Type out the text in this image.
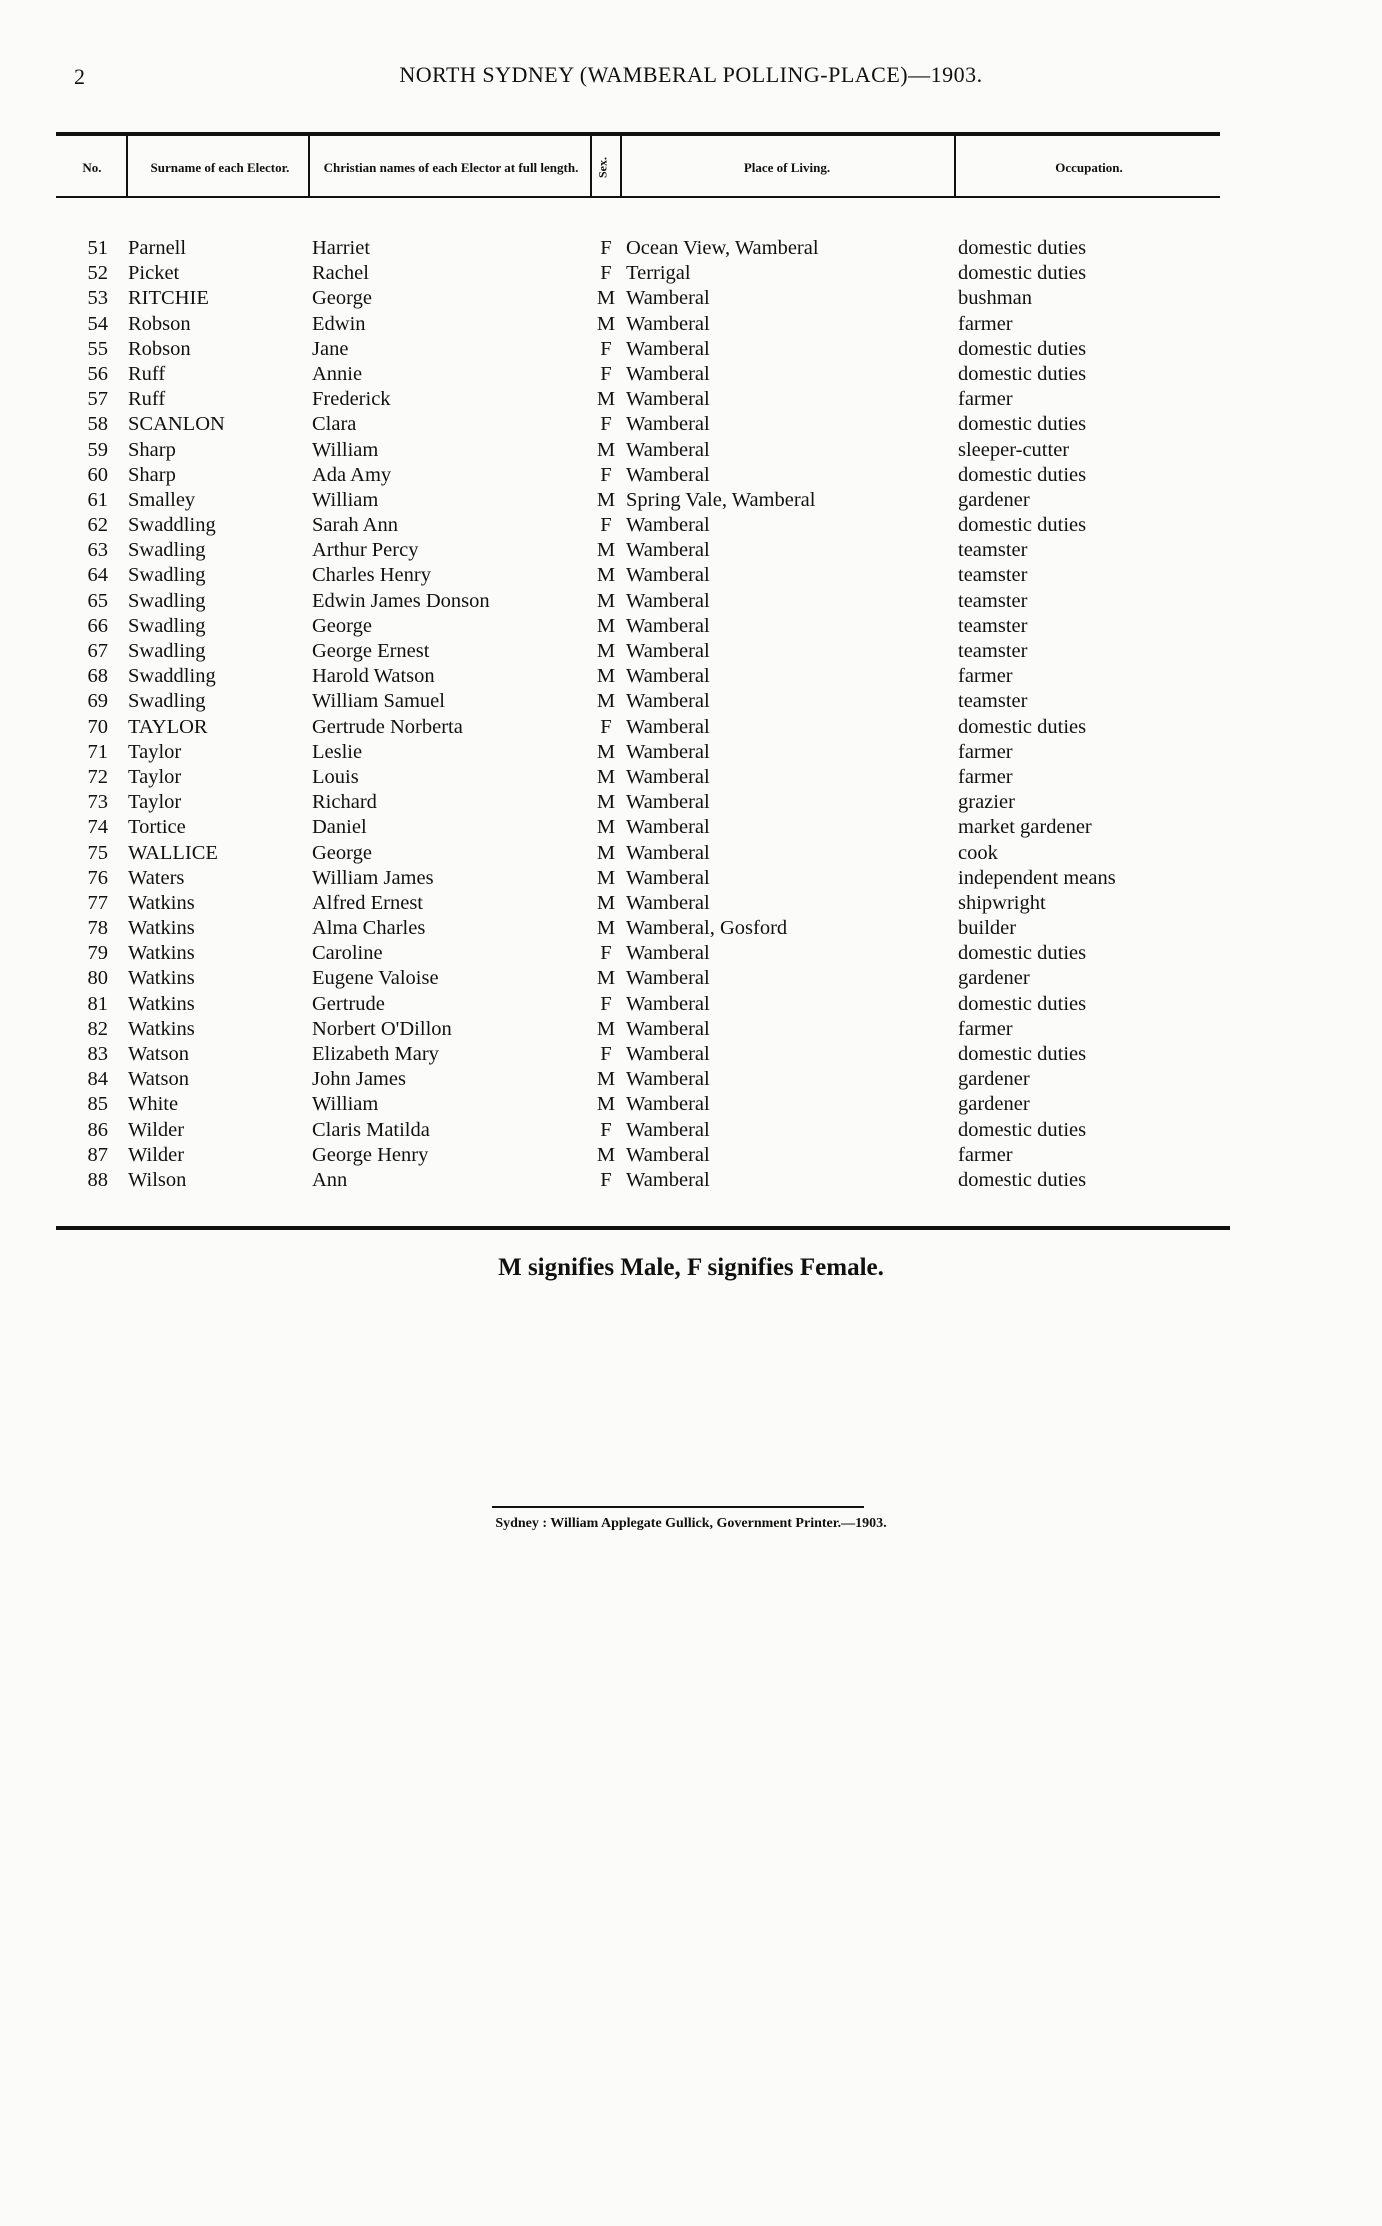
2	NORTH SYDNEY (WAMBERAL POLLING-PLACE)—1903.
No.	Surname of each Elector.	Christian names of each Elector at full length.	Sex.	Place of Living.	Occupation.
51 Parnell	Harriet	F Ocean View, Wamberal	domestic duties
52 Picket	Rachel	F Terrigal	domestic duties
53 RITCHIE	George	M Wamberal	bushman
54 Robson	Edwin	M Wamberal	farmer
55 Robson	Jane	F Wamberal	domestic duties
56 Ruff	Annie	F Wamberal	domestic duties
57 Ruff	Frederick	M Wamberal	farmer
58 SCANLON	Clara	F Wamberal	domestic duties
59 Sharp	William	M Wamberal	sleeper-cutter
60 Sharp	Ada Amy	F Wamberal	domestic duties
61 Smalley	William	M Spring Vale, Wamberal	gardener
62 Swaddling	Sarah Ann	F Wamberal	domestic duties
63 Swadling	Arthur Percy	M Wamberal	teamster
64 Swadling	Charles Henry	M Wamberal	teamster
65 Swadling	Edwin James Donson	M Wamberal	teamster
66 Swadling	George	M Wamberal	teamster
67 Swadling	George Ernest	M Wamberal	teamster
68 Swaddling	Harold Watson	M Wamberal	farmer
69 Swadling	William Samuel	M Wamberal	teamster
70 TAYLOR	Gertrude Norberta	F Wamberal	domestic duties
71 Taylor	Leslie	M Wamberal	farmer
72 Taylor	Louis	M Wamberal	farmer
73 Taylor	Richard	M Wamberal	grazier
74 Tortice	Daniel	M Wamberal	market gardener
75 WALLICE	George	M Wamberal	cook
76 Waters	William James	M Wamberal	independent means
77 Watkins	Alfred Ernest	M Wamberal	shipwright
78 Watkins	Alma Charles	M Wamberal, Gosford	builder
79 Watkins	Caroline	F Wamberal	domestic duties
80 Watkins	Eugene Valoise	M Wamberal	gardener
81 Watkins	Gertrude	F Wamberal	domestic duties
82 Watkins	Norbert O'Dillon	M Wamberal	farmer
83 Watson	Elizabeth Mary	F Wamberal	domestic duties
84 Watson	John James	M Wamberal	gardener
85 White	William	M Wamberal	gardener
86 Wilder	Claris Matilda	F Wamberal	domestic duties
87 Wilder	George Henry	M Wamberal	farmer
88 Wilson	Ann	F Wamberal	domestic duties
M signifies Male, F signifies Female.
Sydney : William Applegate Gullick, Government Printer.—1903.
